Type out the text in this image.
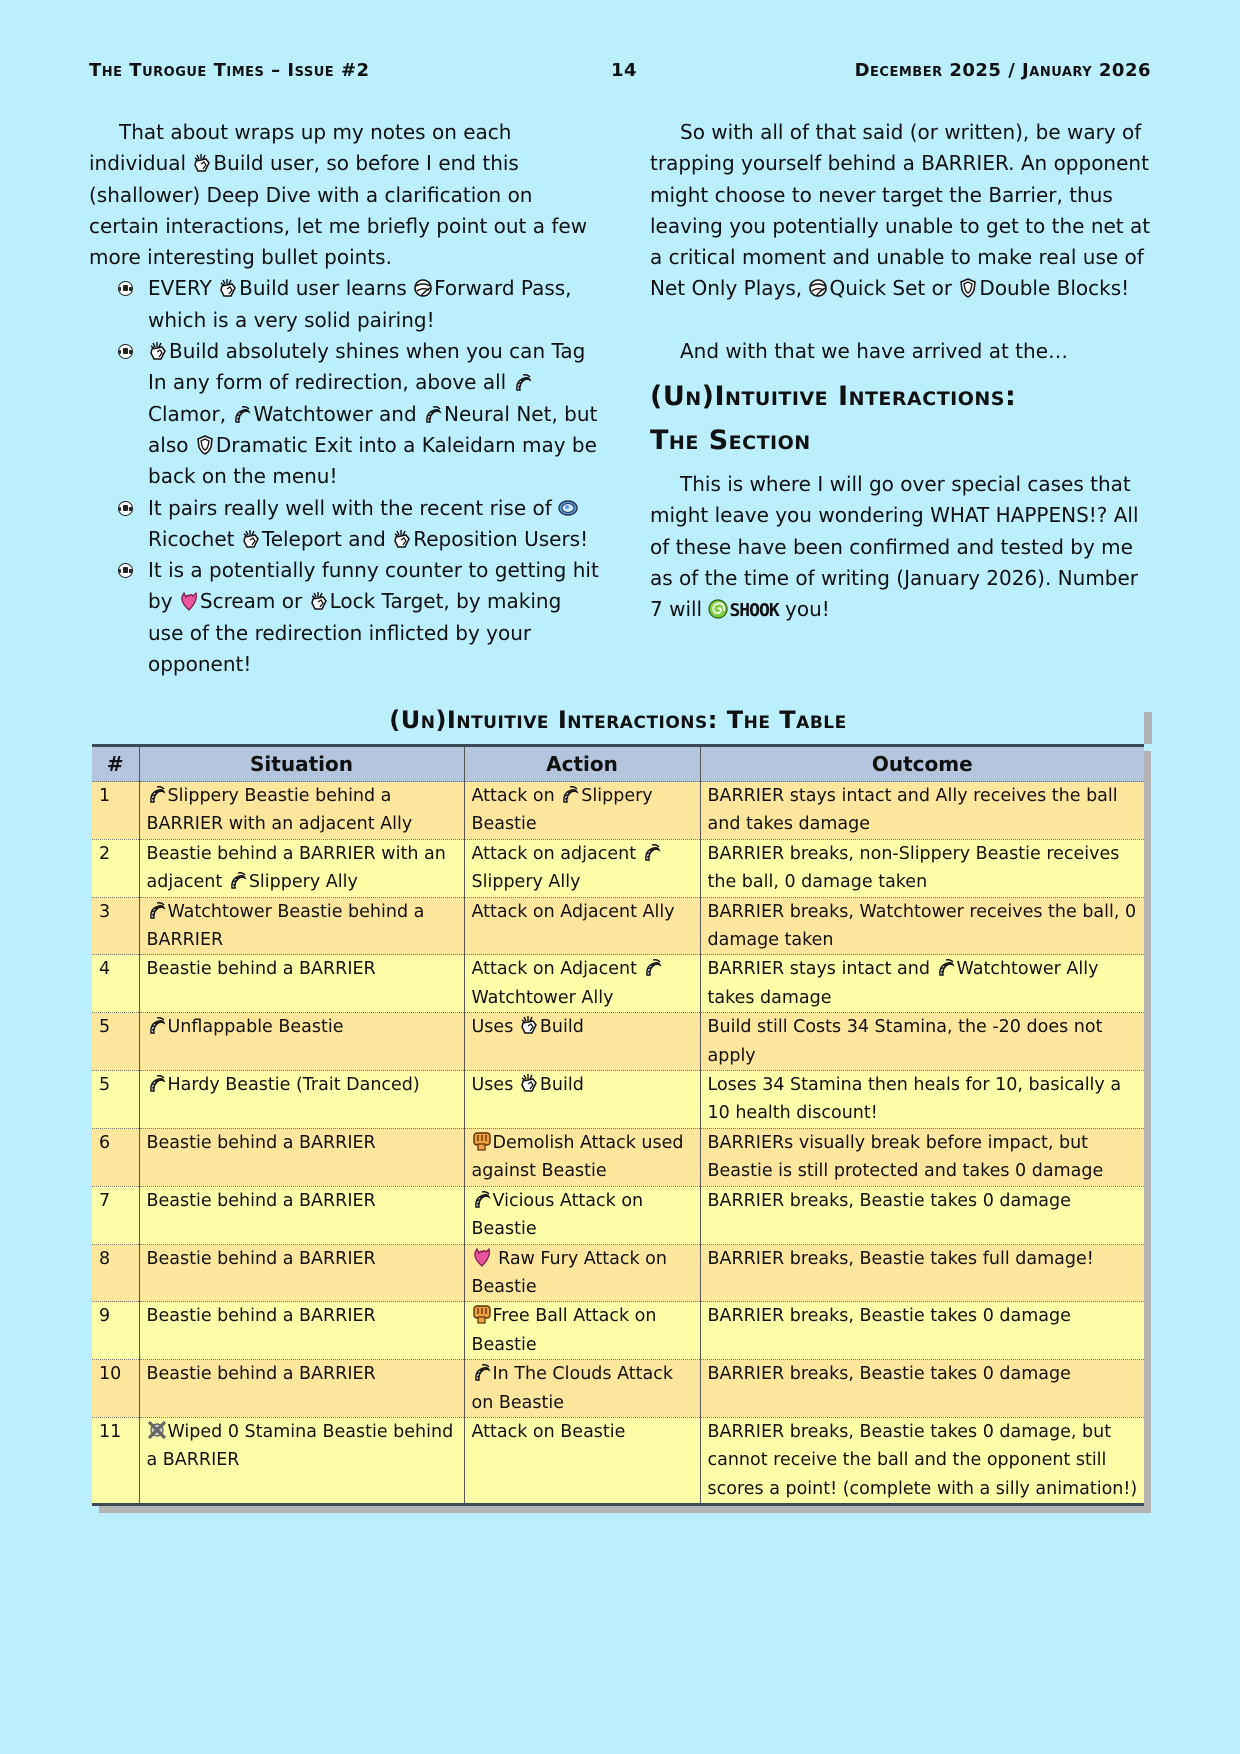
The Turogue Times – Issue #2	14	December 2025 / January 2026

That about wraps up my notes on each individual
Build user, so before I end this (shallower) Deep Dive with a clarification on certain interactions, let me briefly point out a few more interesting bullet points.

EVERY
Build user learns
Forward Pass, which is a very solid pairing!
Build absolutely shines when you can Tag In any form of redirection, above all
Clamor,
Watchtower and
Neural Net, but also
Dramatic Exit into a Kaleidarn may be back on the menu!
It pairs really well with the recent rise of
Ricochet
Teleport and
Reposition Users!
It is a potentially funny counter to getting hit by
Scream or
Lock Target, by making use of the redirection inflicted by your opponent!

So with all of that said (or written), be wary of trapping yourself behind a BARRIER. An opponent might choose to never target the Barrier, thus leaving you potentially unable to get to the net at a critical moment and unable to make real use of Net Only Plays,
Quick Set or
Double Blocks!

And with that we have arrived at the…

(Un)Intuitive Interactions:
The Section

This is where I will go over special cases that might leave you wondering WHAT HAPPENS!? All of these have been confirmed and tested by me as of the time of writing (January 2026). Number 7 will
SHOOK you!

(Un)Intuitive Interactions: The Table
#	Situation	Action	Outcome
1	Slippery Beastie behind a BARRIER with an adjacent Ally	Attack on
Slippery Beastie	BARRIER stays intact and Ally receives the ball and takes damage
2	Beastie behind a BARRIER with an adjacent
Slippery Ally	Attack on adjacent
Slippery Ally	BARRIER breaks, non-Slippery Beastie receives the ball, 0 damage taken
3	Watchtower Beastie behind a BARRIER	Attack on Adjacent Ally	BARRIER breaks, Watchtower receives the ball, 0 damage taken
4	Beastie behind a BARRIER	Attack on Adjacent
Watchtower Ally	BARRIER stays intact and
Watchtower Ally takes damage
5	Unflappable Beastie	Uses
Build	Build still Costs 34 Stamina, the -20 does not apply
5	Hardy Beastie (Trait Danced)	Uses
Build	Loses 34 Stamina then heals for 10, basically a 10 health discount!
6	Beastie behind a BARRIER	Demolish Attack used against Beastie	BARRIERs visually break before impact, but Beastie is still protected and takes 0 damage
7	Beastie behind a BARRIER	Vicious Attack on Beastie	BARRIER breaks, Beastie takes 0 damage
8	Beastie behind a BARRIER	Raw Fury Attack on Beastie	BARRIER breaks, Beastie takes full damage!
9	Beastie behind a BARRIER	Free Ball Attack on Beastie	BARRIER breaks, Beastie takes 0 damage
10	Beastie behind a BARRIER	In The Clouds Attack on Beastie	BARRIER breaks, Beastie takes 0 damage
11	Wiped 0 Stamina Beastie behind a BARRIER	Attack on Beastie	BARRIER breaks, Beastie takes 0 damage, but cannot receive the ball and the opponent still scores a point! (complete with a silly animation!)
